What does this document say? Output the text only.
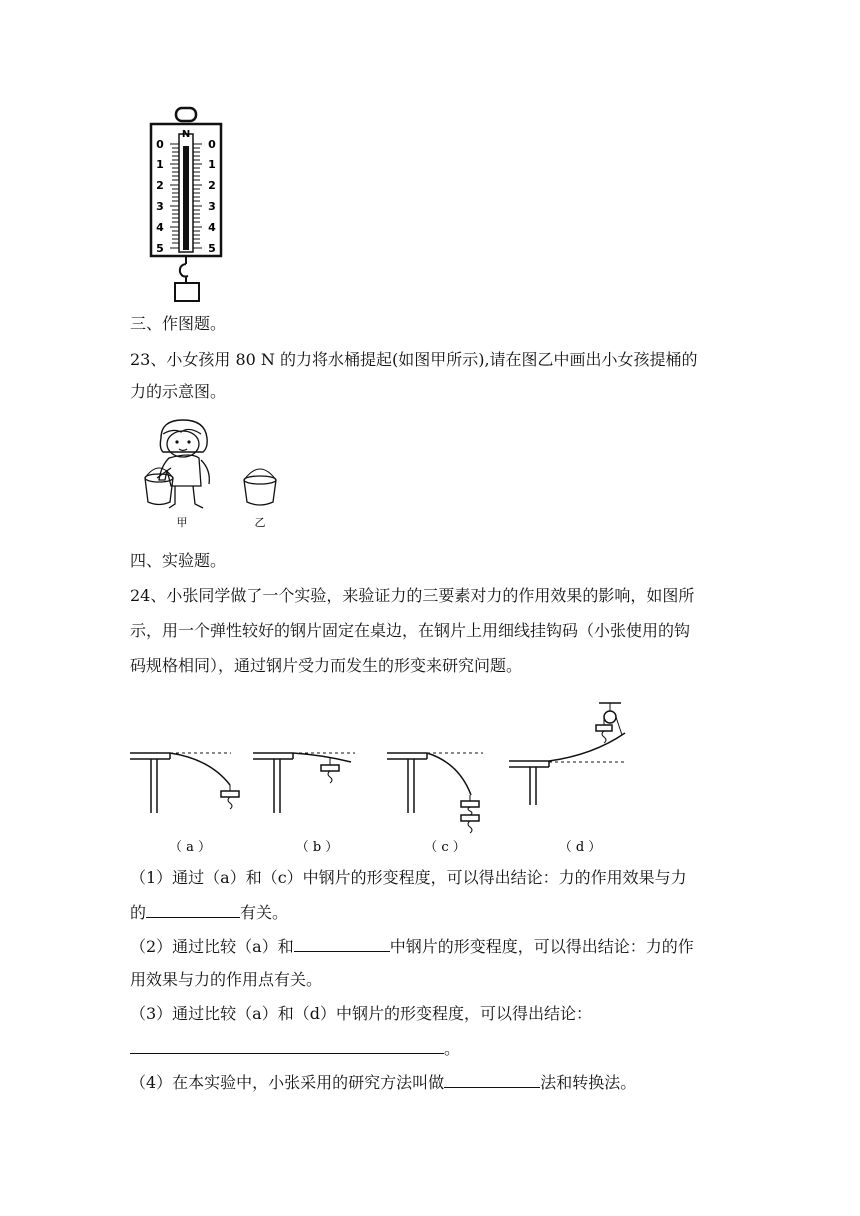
N
0
1
2
3
4
5
0
1
2
3
4
5
三、作图题。
23、小女孩用 80 N 的力将水桶提起(如图甲所示),请在图乙中画出小女孩提桶的
力的示意图。
甲	乙
四、实验题。
24、小张同学做了一个实验，来验证力的三要素对力的作用效果的影响，如图所
示，用一个弹性较好的钢片固定在桌边，在钢片上用细线挂钩码（小张使用的钩
码规格相同），通过钢片受力而发生的形变来研究问题。
（ a ）	（ b ）	（ c ）	（ d ）
（1）通过（a）和（c）中钢片的形变程度，可以得出结论：力的作用效果与力
的	有关。
（2）通过比较（a）和	中钢片的形变程度，可以得出结论：力的作
用效果与力的作用点有关。
（3）通过比较（a）和（d）中钢片的形变程度，可以得出结论：
。
（4）在本实验中，小张采用的研究方法叫做	法和转换法。
